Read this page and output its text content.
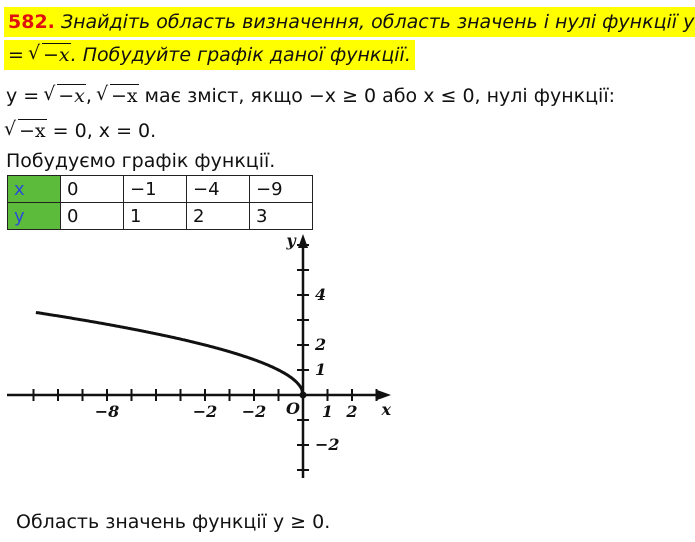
582. Знайдіть область визначення, область значень і нулі функції y
= √ −x. Побудуйте графік даної функції.
y = √ −x, √ −x має зміст, якщо −x ≥ 0 або x ≤ 0, нулі функції:
√ −x = 0, x = 0.
Побудуємо графік функції.
x	0	−1	−4	−9
y	0	1	2	3
−8	−2 −2	1 2
4
2
1
−2
O	x
y
Область значень функції y ≥ 0.
